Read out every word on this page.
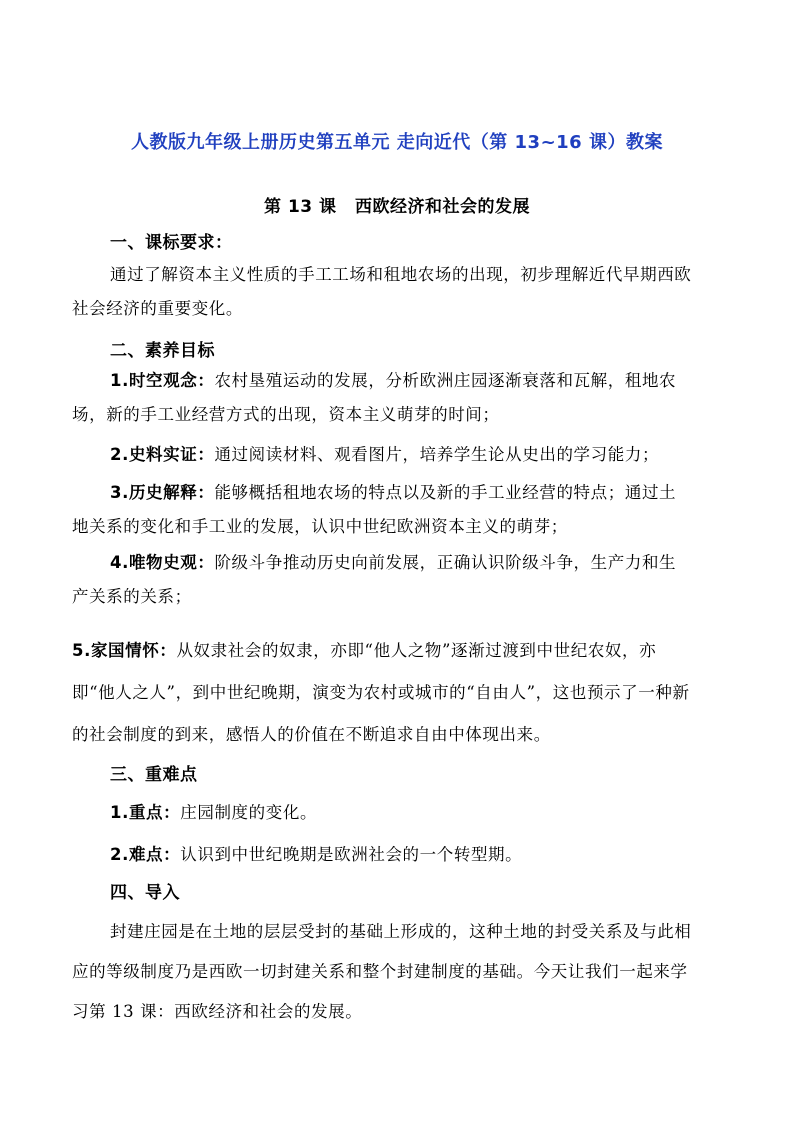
人教版九年级上册历史第五单元 走向近代（第 13~16 课）教案
第 13 课 西欧经济和社会的发展
一、课标要求：
通过了解资本主义性质的手工工场和租地农场的出现，初步理解近代早期西欧社会经济的重要变化。
二、素养目标
1.时空观念：农村垦殖运动的发展，分析欧洲庄园逐渐衰落和瓦解，租地农场，新的手工业经营方式的出现，资本主义萌芽的时间；
2.史料实证：通过阅读材料、观看图片，培养学生论从史出的学习能力；
3.历史解释：能够概括租地农场的特点以及新的手工业经营的特点；通过土地关系的变化和手工业的发展，认识中世纪欧洲资本主义的萌芽；
4.唯物史观：阶级斗争推动历史向前发展，正确认识阶级斗争，生产力和生产关系的关系；
5.家国情怀：从奴隶社会的奴隶，亦即“他人之物”逐渐过渡到中世纪农奴，亦即“他人之人”，到中世纪晚期，演变为农村或城市的“自由人”，这也预示了一种新的社会制度的到来，感悟人的价值在不断追求自由中体现出来。
三、重难点
1.重点：庄园制度的变化。
2.难点：认识到中世纪晚期是欧洲社会的一个转型期。
四、导入
封建庄园是在土地的层层受封的基础上形成的，这种土地的封受关系及与此相应的等级制度乃是西欧一切封建关系和整个封建制度的基础。今天让我们一起来学习第 13 课：西欧经济和社会的发展。
